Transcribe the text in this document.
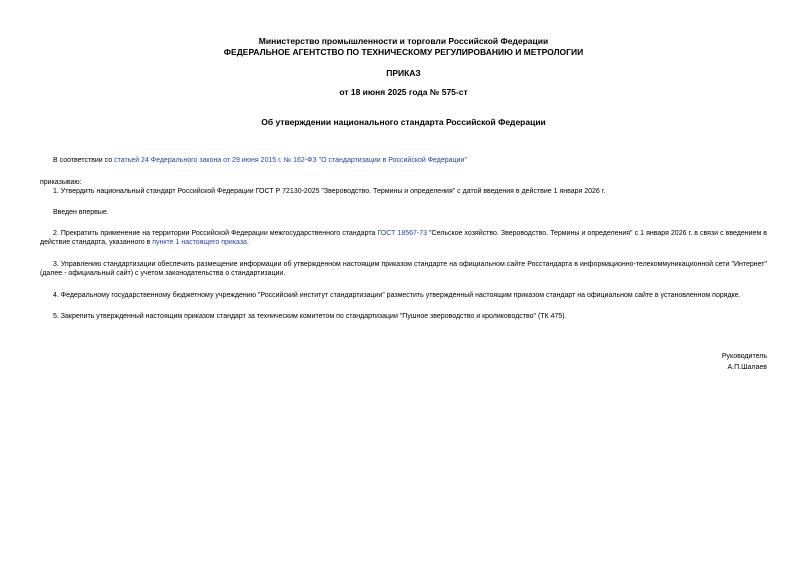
Министерство промышленности и торговли Российской Федерации
ФЕДЕРАЛЬНОЕ АГЕНТСТВО ПО ТЕХНИЧЕСКОМУ РЕГУЛИРОВАНИЮ И МЕТРОЛОГИИ
ПРИКАЗ
от 18 июня 2025 года № 575-ст
Об утверждении национального стандарта Российской Федерации
В соответствии со статьей 24 Федерального закона от 29 июня 2015 г. № 162-ФЗ "О стандартизации в Российской Федерации"
приказываю:
1. Утвердить национальный стандарт Российской Федерации ГОСТ Р 72130-2025 "Звероводство. Термины и определения" с датой введения в действие 1 января 2026 г.
Введен впервые.
2. Прекратить применение на территории Российской Федерации межгосударственного стандарта ГОСТ 18567-73 "Сельское хозяйство. Звероводство. Термины и определения" с 1 января 2026 г. в связи с введением в действие стандарта, указанного в пункте 1 настоящего приказа.
3. Управлению стандартизации обеспечить размещение информации об утвержденном настоящим приказом стандарте на официальном сайте Росстандарта в информационно-телекоммуникационной сети "Интернет" (далее - официальный сайт) с учетом законодательства о стандартизации.
4. Федеральному государственному бюджетному учреждению "Российский институт стандартизации" разместить утвержденный настоящим приказом стандарт на официальном сайте в установленном порядке.
5. Закрепить утвержденный настоящим приказом стандарт за техническим комитетом по стандартизации "Пушное звероводство и кролиководство" (ТК 475).
Руководитель
А.П.Шалаев
